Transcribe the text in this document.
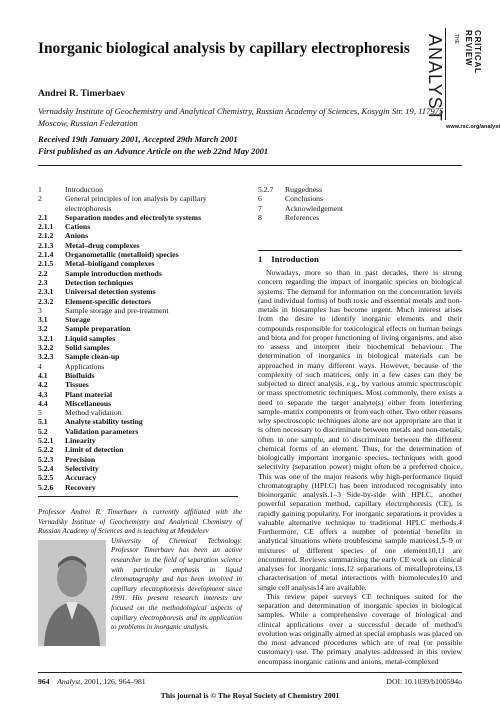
Inorganic biological analysis by capillary electrophoresis
Andrei R. Timerbaev
Vernadsky Institute of Geochemistry and Analytical Chemistry, Russian Academy of Sciences, Kosygin Str. 19, 117975 Moscow, Russian Federation
Received 19th January 2001, Accepted 29th March 2001
First published as an Advance Article on the web 22nd May 2001
THE ANALYST	CRITICAL REVIEW
www.rsc.org/analyst
1	Introduction
2	General principles of ion analysis by capillary electrophoresis
2.1	Separation modes and electrolyte systems
2.1.1	Cations
2.1.2	Anions
2.1.3	Metal–drug complexes
2.1.4	Organometallic (metalloid) species
2.1.5	Metal–bioligand complexes
2.2	Sample introduction methods
2.3	Detection techniques
2.3.1	Universal detection systems
2.3.2	Element-specific detectors
3	Sample storage and pre-treatment
3.1	Storage
3.2	Sample preparation
3.2.1	Liquid samples
3.2.2	Solid samples
3.2.3	Sample clean-up
4	Applications
4.1	Biofluids
4.2	Tissues
4.3	Plant material
4.4	Miscellaneous
5	Method validation
5.1	Analyte stability testing
5.2	Validation parameters
5.2.1	Linearity
5.2.2	Limit of detection
5.2.3	Precision
5.2.4	Selectivity
5.2.5	Accuracy
5.2.6	Recovery
5.2.7	Ruggedness
6	Conclusions
7	Acknowledgement
8	References
Professor Andrei R. Timerbaev is currently affiliated with the Vernadsky Institute of Geochemistry and Analytical Chemistry of Russian Academy of Sciences and is teaching at Mendeleev
University of Chemical Technology. Professor Timerbaev has been an active researcher in the field of separation science with particular emphasis in liquid chromatography and has been involved in capillary electrophoresis development since 1991. His present research interests are focused on the methodological aspects of capillary electrophoresis and its application to problems in inorganic analysis.
1    Introduction

Nowadays, more so than in past decades, there is strong concern regarding the impact of inorganic species on biological systems. The demand for information on the concentration levels (and individual forms) of both toxic and essential metals and non-metals in biosamples has become urgent. Much interest arises from the desire to identify inorganic elements and their compounds responsible for toxicological effects on human beings and biota and for proper functioning of living organisms, and also to assess and interpret their biochemical behaviour. The determination of inorganics in biological materials can be approached in many different ways. However, because of the complexity of such matrices, only in a few cases can they be subjected to direct analysis, e.g., by various atomic spectroscopic or mass spectrometric techniques. Most commonly, there exists a need to separate the target analyte(s) either from interfering sample–matrix components or from each other. Two other reasons why spectroscopic techniques alone are not appropriate are that it is often necessary to discriminate between metals and non-metals, often in one sample, and to discriminate between the different chemical forms of an element. Thus, for the determination of biologically important inorganic species, techniques with good selectivity (separation power) might often be a preferred choice. This was one of the major reasons why high-performance liquid chromatography (HPLC) has been introduced recognisably into bioinorganic analysis.1–3 Side-by-side with HPLC, another powerful separation method, capillary electrophoresis (CE), is rapidly gaining popularity. For inorganic separations it provides a valuable alternative technique to traditional HPLC methods.4 Furthermore, CE offers a number of potential benefits in analytical situations where troublesome sample matrices1,5–9 or mixtures of different species of one element10,11 are encountered. Reviews summarising the early CE work on clinical analyses for inorganic ions,12 separations of metalloproteins,13 characterisation of metal interactions with biomolecules10 and single cell analysis14 are available.

This review paper surveys CE techniques suited for the separation and determination of inorganic species in biological samples. While a comprehensive coverage of biological and clinical applications over a successful decade of method's evolution was originally aimed at special emphasis was placed on the most advanced procedures which are of real (or possible customary) use. The primary analytes addressed in this review encompass inorganic cations and anions, metal-complexed

964 Analyst, 2001, 126, 964–981	DOI: 10.1039/b100594o
This journal is © The Royal Society of Chemistry 2001
